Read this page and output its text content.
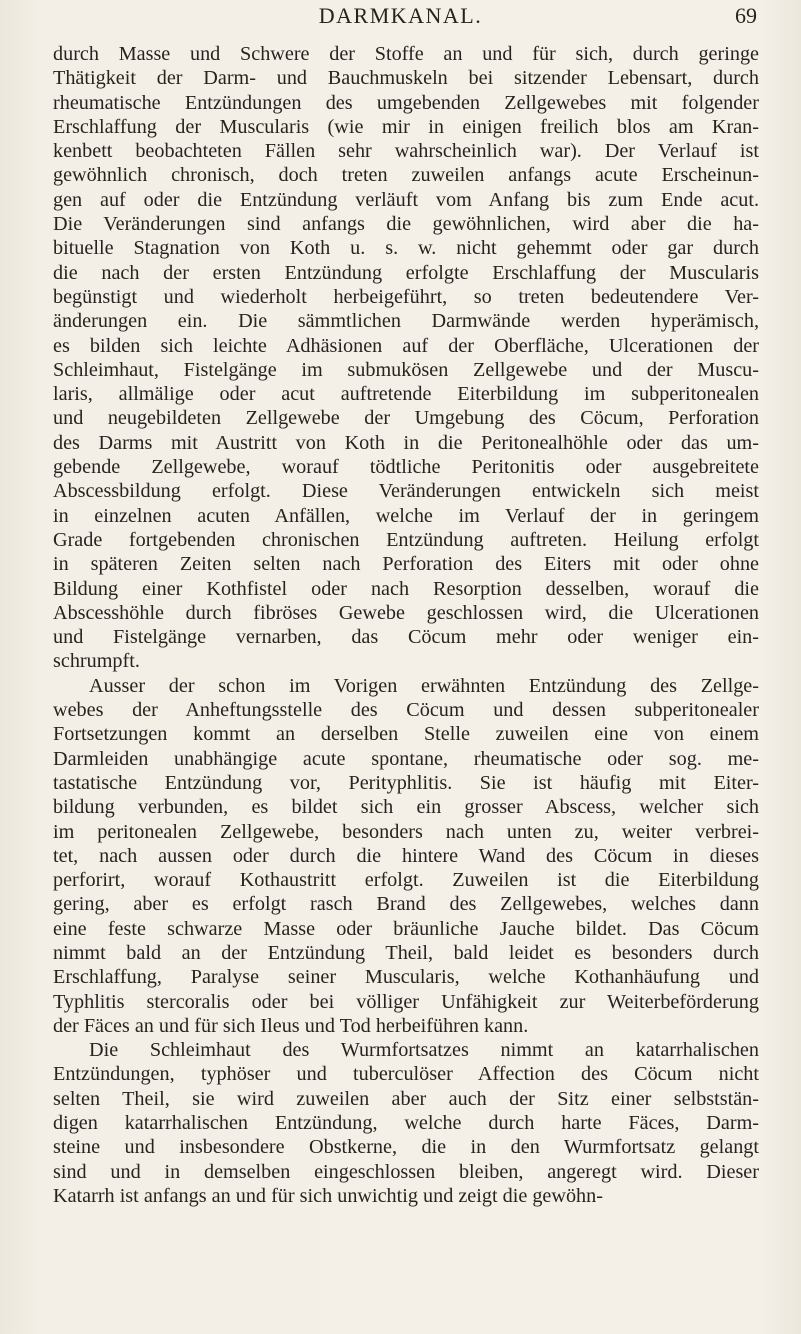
DARMKANAL.	69
durch Masse und Schwere der Stoffe an und für sich, durch geringe
Thätigkeit der Darm- und Bauchmuskeln bei sitzender Lebensart, durch
rheumatische Entzündungen des umgebenden Zellgewebes mit folgender
Erschlaffung der Muscularis (wie mir in einigen freilich blos am Kran-
kenbett beobachteten Fällen sehr wahrscheinlich war). Der Verlauf ist
gewöhnlich chronisch, doch treten zuweilen anfangs acute Erscheinun-
gen auf oder die Entzündung verläuft vom Anfang bis zum Ende acut.
Die Veränderungen sind anfangs die gewöhnlichen, wird aber die ha-
bituelle Stagnation von Koth u. s. w. nicht gehemmt oder gar durch
die nach der ersten Entzündung erfolgte Erschlaffung der Muscularis
begünstigt und wiederholt herbeigeführt, so treten bedeutendere Ver-
änderungen ein. Die sämmtlichen Darmwände werden hyperämisch,
es bilden sich leichte Adhäsionen auf der Oberfläche, Ulcerationen der
Schleimhaut, Fistelgänge im submukösen Zellgewebe und der Muscu-
laris, allmälige oder acut auftretende Eiterbildung im subperitonealen
und neugebildeten Zellgewebe der Umgebung des Cöcum, Perforation
des Darms mit Austritt von Koth in die Peritonealhöhle oder das um-
gebende Zellgewebe, worauf tödtliche Peritonitis oder ausgebreitete
Abscessbildung erfolgt. Diese Veränderungen entwickeln sich meist
in einzelnen acuten Anfällen, welche im Verlauf der in geringem
Grade fortgebenden chronischen Entzündung auftreten. Heilung erfolgt
in späteren Zeiten selten nach Perforation des Eiters mit oder ohne
Bildung einer Kothfistel oder nach Resorption desselben, worauf die
Abscesshöhle durch fibröses Gewebe geschlossen wird, die Ulcerationen
und Fistelgänge vernarben, das Cöcum mehr oder weniger ein-
schrumpft.
Ausser der schon im Vorigen erwähnten Entzündung des Zellge-
webes der Anheftungsstelle des Cöcum und dessen subperitonealer
Fortsetzungen kommt an derselben Stelle zuweilen eine von einem
Darmleiden unabhängige acute spontane, rheumatische oder sog. me-
tastatische Entzündung vor, Perityphlitis. Sie ist häufig mit Eiter-
bildung verbunden, es bildet sich ein grosser Abscess, welcher sich
im peritonealen Zellgewebe, besonders nach unten zu, weiter verbrei-
tet, nach aussen oder durch die hintere Wand des Cöcum in dieses
perforirt, worauf Kothaustritt erfolgt. Zuweilen ist die Eiterbildung
gering, aber es erfolgt rasch Brand des Zellgewebes, welches dann
eine feste schwarze Masse oder bräunliche Jauche bildet. Das Cöcum
nimmt bald an der Entzündung Theil, bald leidet es besonders durch
Erschlaffung, Paralyse seiner Muscularis, welche Kothanhäufung und
Typhlitis stercoralis oder bei völliger Unfähigkeit zur Weiterbeförderung
der Fäces an und für sich Ileus und Tod herbeiführen kann.
Die Schleimhaut des Wurmfortsatzes nimmt an katarrhalischen
Entzündungen, typhöser und tuberculöser Affection des Cöcum nicht
selten Theil, sie wird zuweilen aber auch der Sitz einer selbststän-
digen katarrhalischen Entzündung, welche durch harte Fäces, Darm-
steine und insbesondere Obstkerne, die in den Wurmfortsatz gelangt
sind und in demselben eingeschlossen bleiben, angeregt wird. Dieser
Katarrh ist anfangs an und für sich unwichtig und zeigt die gewöhn-
